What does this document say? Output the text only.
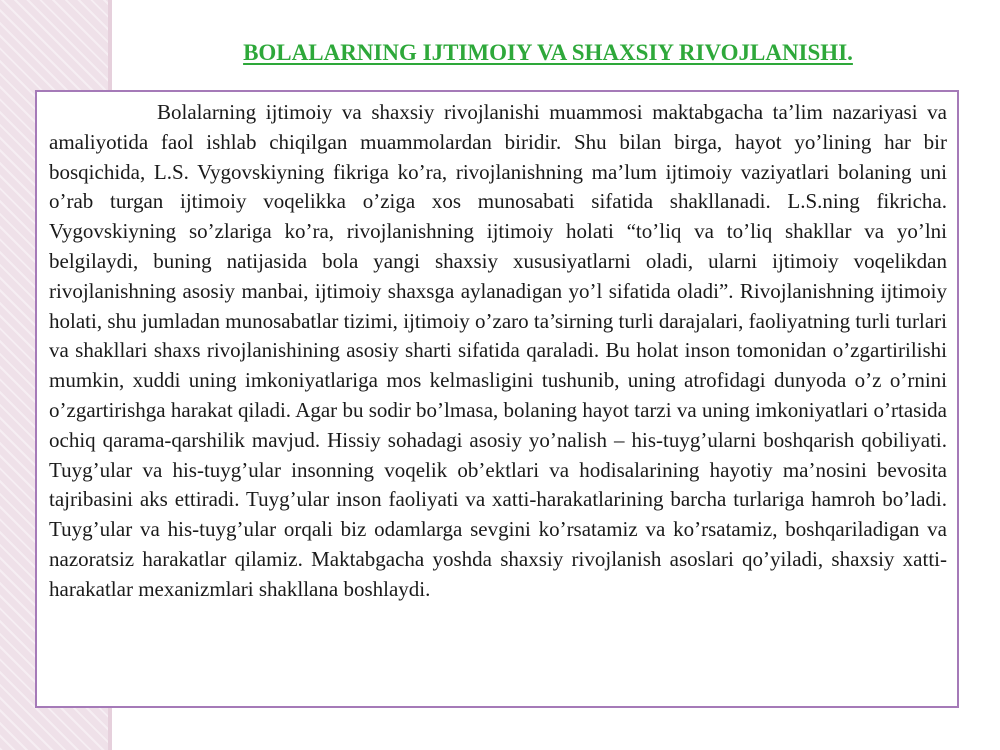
BOLALARNING IJTIMOIY VA SHAXSIY RIVOJLANISHI.

Bolalarning ijtimoiy va shaxsiy rivojlanishi muammosi maktabgacha ta’lim nazariyasi va amaliyotida faol ishlab chiqilgan muammolardan biridir. Shu bilan birga, hayot yo’lining har bir bosqichida, L.S. Vygovskiyning fikriga ko’ra, rivojlanishning ma’lum ijtimoiy vaziyatlari bolaning uni o’rab turgan ijtimoiy voqelikka o’ziga xos munosabati sifatida shakllanadi. L.S.ning fikricha. Vygovskiyning so’zlariga ko’ra, rivojlanishning ijtimoiy holati “to’liq va to’liq shakllar va yo’lni belgilaydi, buning natijasida bola yangi shaxsiy xususiyatlarni oladi, ularni ijtimoiy voqelikdan rivojlanishning asosiy manbai, ijtimoiy shaxsga aylanadigan yo’l sifatida oladi”. Rivojlanishning ijtimoiy holati, shu jumladan munosabatlar tizimi, ijtimoiy o’zaro ta’sirning turli darajalari, faoliyatning turli turlari va shakllari shaxs rivojlanishining asosiy sharti sifatida qaraladi. Bu holat inson tomonidan o’zgartirilishi mumkin, xuddi uning imkoniyatlariga mos kelmasligini tushunib, uning atrofidagi dunyoda o’z o’rnini o’zgartirishga harakat qiladi. Agar bu sodir bo’lmasa, bolaning hayot tarzi va uning imkoniyatlari o’rtasida ochiq qarama-qarshilik mavjud. Hissiy sohadagi asosiy yo’nalish – his-tuyg’ularni boshqarish qobiliyati. Tuyg’ular va his-tuyg’ular insonning voqelik ob’ektlari va hodisalarining hayotiy ma’nosini bevosita tajribasini aks ettiradi. Tuyg’ular inson faoliyati va xatti-harakatlarining barcha turlariga hamroh bo’ladi. Tuyg’ular va his-tuyg’ular orqali biz odamlarga sevgini ko’rsatamiz va ko’rsatamiz, boshqariladigan va nazoratsiz harakatlar qilamiz. Maktabgacha yoshda shaxsiy rivojlanish asoslari qo’yiladi, shaxsiy xatti-harakatlar mexanizmlari shakllana boshlaydi.
